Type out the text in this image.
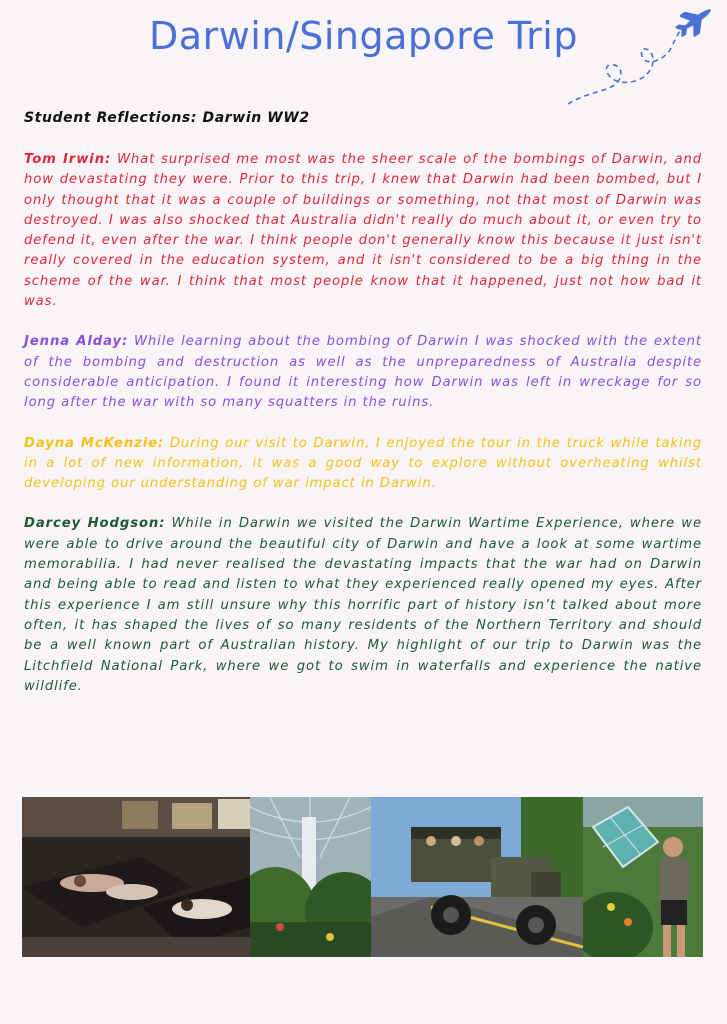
Darwin/Singapore Trip
Student Reflections: Darwin WW2

Tom Irwin: What surprised me most was the sheer scale of the bombings of Darwin, and how devastating they were. Prior to this trip, I knew that Darwin had been bombed, but I only thought that it was a couple of buildings or something, not that most of Darwin was destroyed. I was also shocked that Australia didn't really do much about it, or even try to defend it, even after the war. I think people don't generally know this because it just isn't really covered in the education system, and it isn't considered to be a big thing in the scheme of the war. I think that most people know that it happened, just not how bad it was.

Jenna Alday: While learning about the bombing of Darwin I was shocked with the extent of the bombing and destruction as well as the unpreparedness of Australia despite considerable anticipation. I found it interesting how Darwin was left in wreckage for so long after the war with so many squatters in the ruins.

Dayna McKenzie: During our visit to Darwin, I enjoyed the tour in the truck while taking in a lot of new information, it was a good way to explore without overheating whilst developing our understanding of war impact in Darwin.

Darcey Hodgson: While in Darwin we visited the Darwin Wartime Experience, where we were able to drive around the beautiful city of Darwin and have a look at some wartime memorabilia. I had never realised the devastating impacts that the war had on Darwin and being able to read and listen to what they experienced really opened my eyes. After this experience I am still unsure why this horrific part of history isn’t talked about more often, it has shaped the lives of so many residents of the Northern Territory and should be a well known part of Australian history. My highlight of our trip to Darwin was the Litchfield National Park, where we got to swim in waterfalls and experience the native wildlife.
